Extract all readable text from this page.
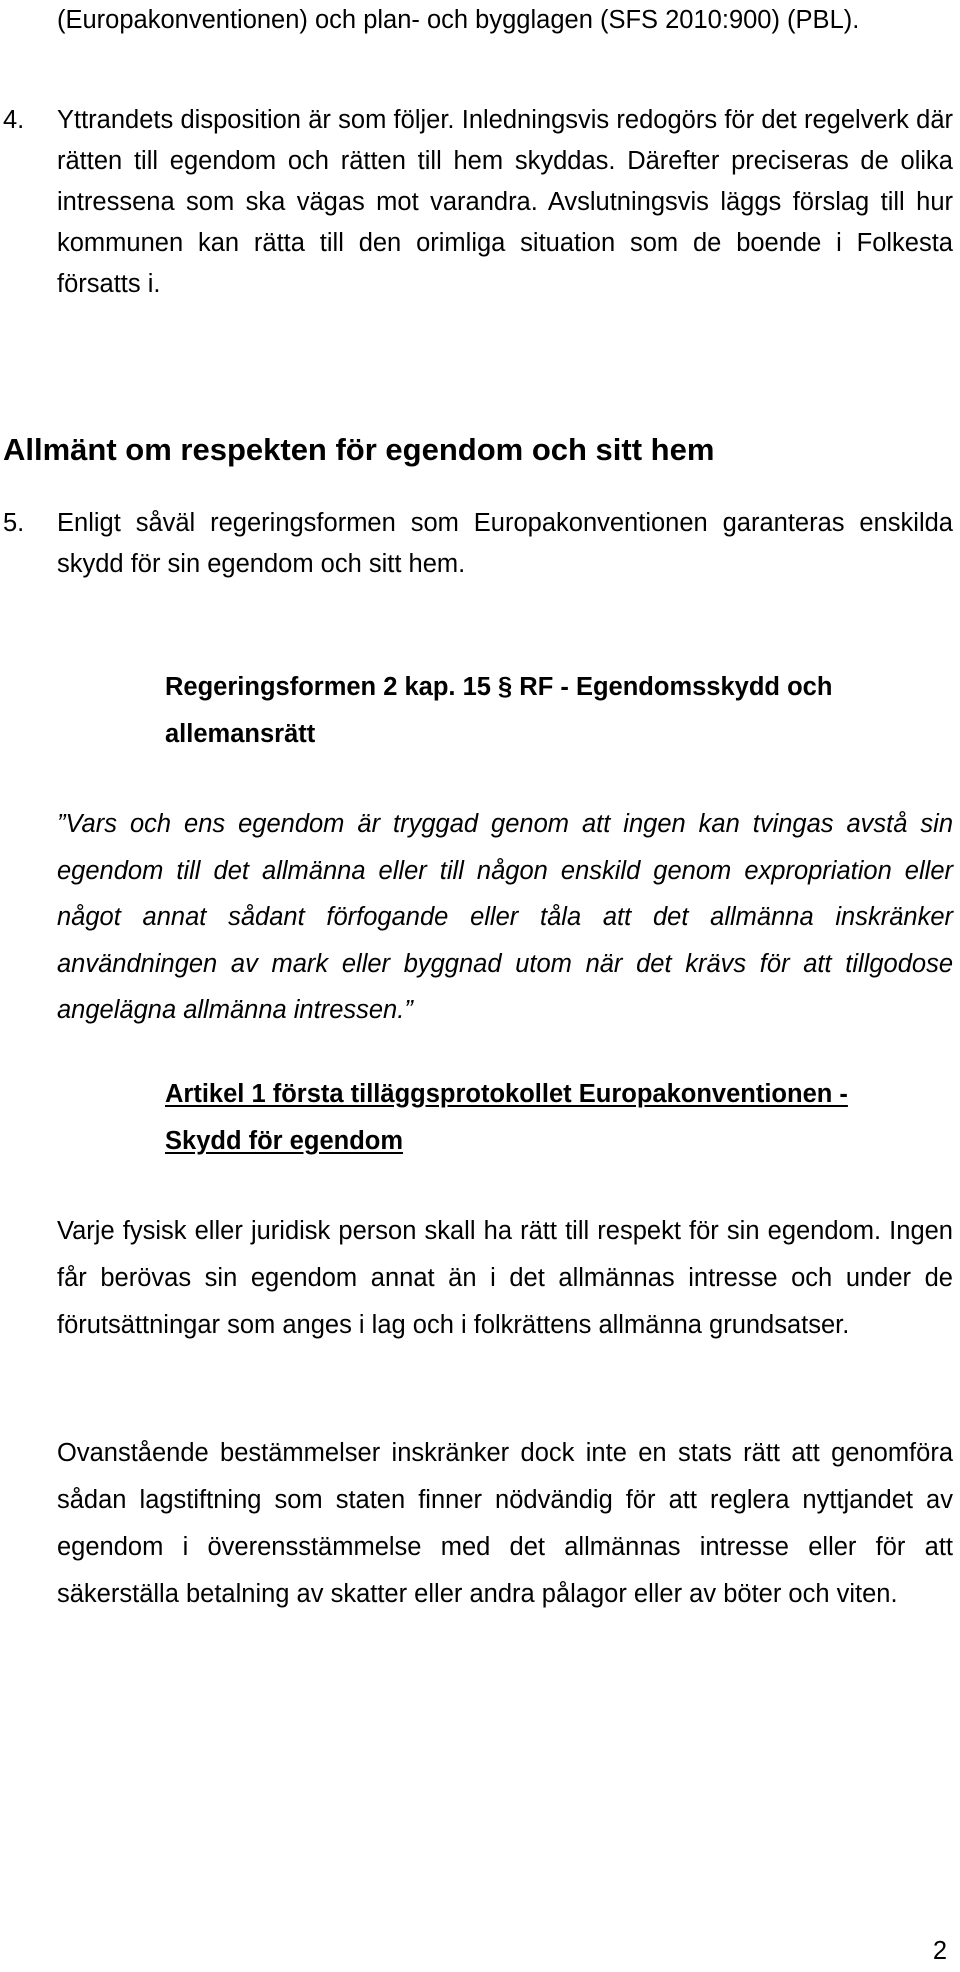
(Europakonventionen) och plan- och bygglagen (SFS 2010:900) (PBL).
4. Yttrandets disposition är som följer. Inledningsvis redogörs för det regelverk där rätten till egendom och rätten till hem skyddas. Därefter preciseras de olika intressena som ska vägas mot varandra. Avslutningsvis läggs förslag till hur kommunen kan rätta till den orimliga situation som de boende i Folkesta försatts i.
Allmänt om respekten för egendom och sitt hem
5. Enligt såväl regeringsformen som Europakonventionen garanteras enskilda skydd för sin egendom och sitt hem.
Regeringsformen 2 kap. 15 § RF - Egendomsskydd och allemansrätt

”Vars och ens egendom är tryggad genom att ingen kan tvingas avstå sin egendom till det allmänna eller till någon enskild genom expropriation eller något annat sådant förfogande eller tåla att det allmänna inskränker användningen av mark eller byggnad utom när det krävs för att tillgodose angelägna allmänna intressen.”

Artikel 1 första tilläggsprotokollet Europakonventionen - Skydd för egendom

Varje fysisk eller juridisk person skall ha rätt till respekt för sin egendom. Ingen får berövas sin egendom annat än i det allmännas intresse och under de förutsättningar som anges i lag och i folkrättens allmänna grundsatser.

Ovanstående bestämmelser inskränker dock inte en stats rätt att genomföra sådan lagstiftning som staten finner nödvändig för att reglera nyttjandet av egendom i överensstämmelse med det allmännas intresse eller för att säkerställa betalning av skatter eller andra pålagor eller av böter och viten.

2
